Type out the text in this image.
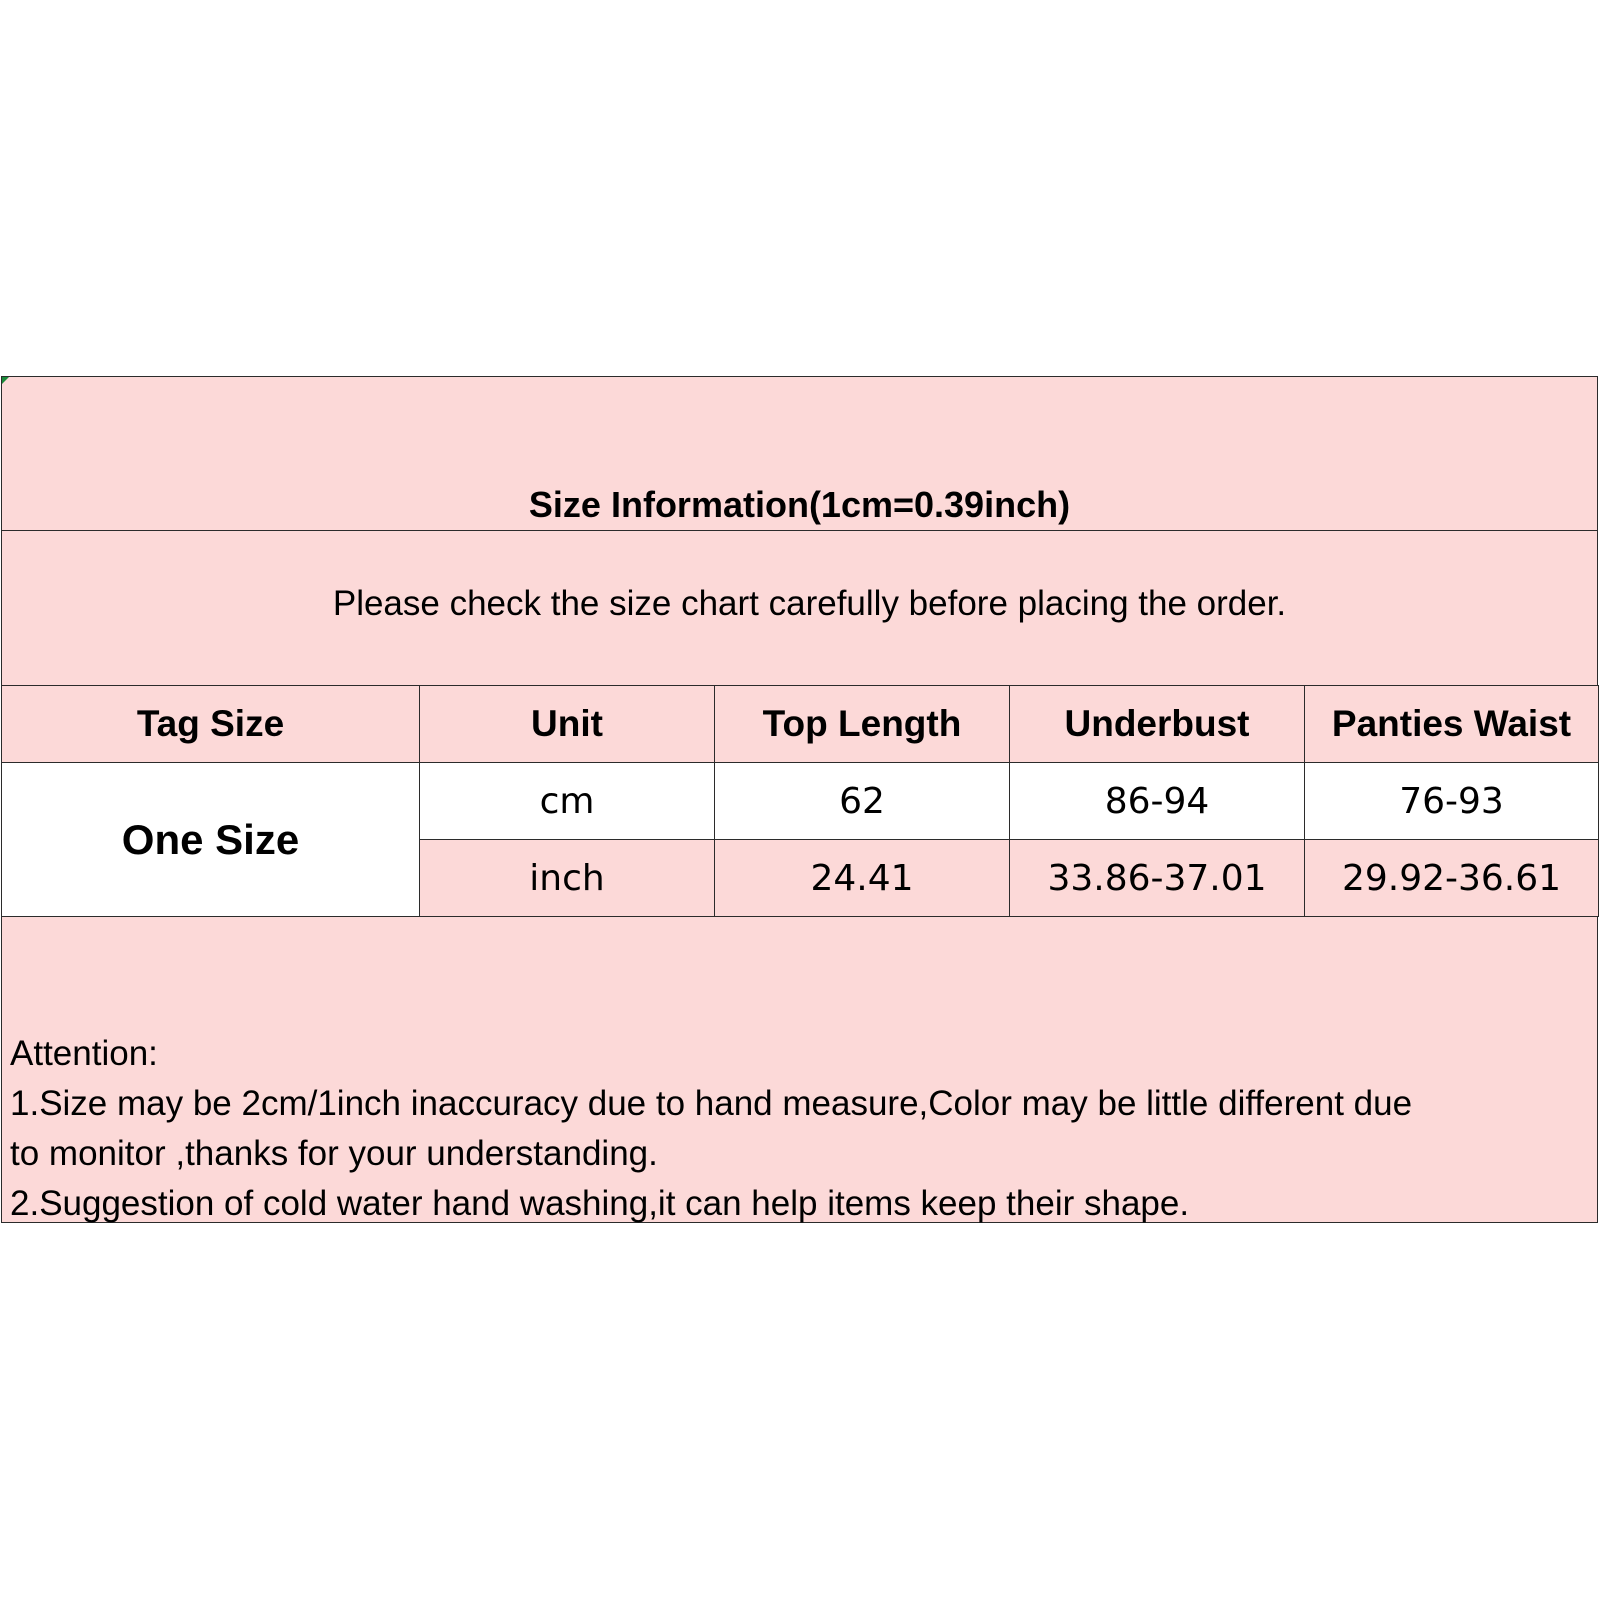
Size Information(1cm=0.39inch)
Please check the size chart carefully before placing the order.
Tag Size	Unit	Top Length	Underbust	Panties Waist
One Size	cm	62	86-94	76-93
	inch	24.41	33.86-37.01	29.92-36.61
Attention:
1.Size may be 2cm/1inch inaccuracy due to hand measure,Color may be little different due
to monitor ,thanks for your understanding.
2.Suggestion of cold water hand washing,it can help items keep their shape.
